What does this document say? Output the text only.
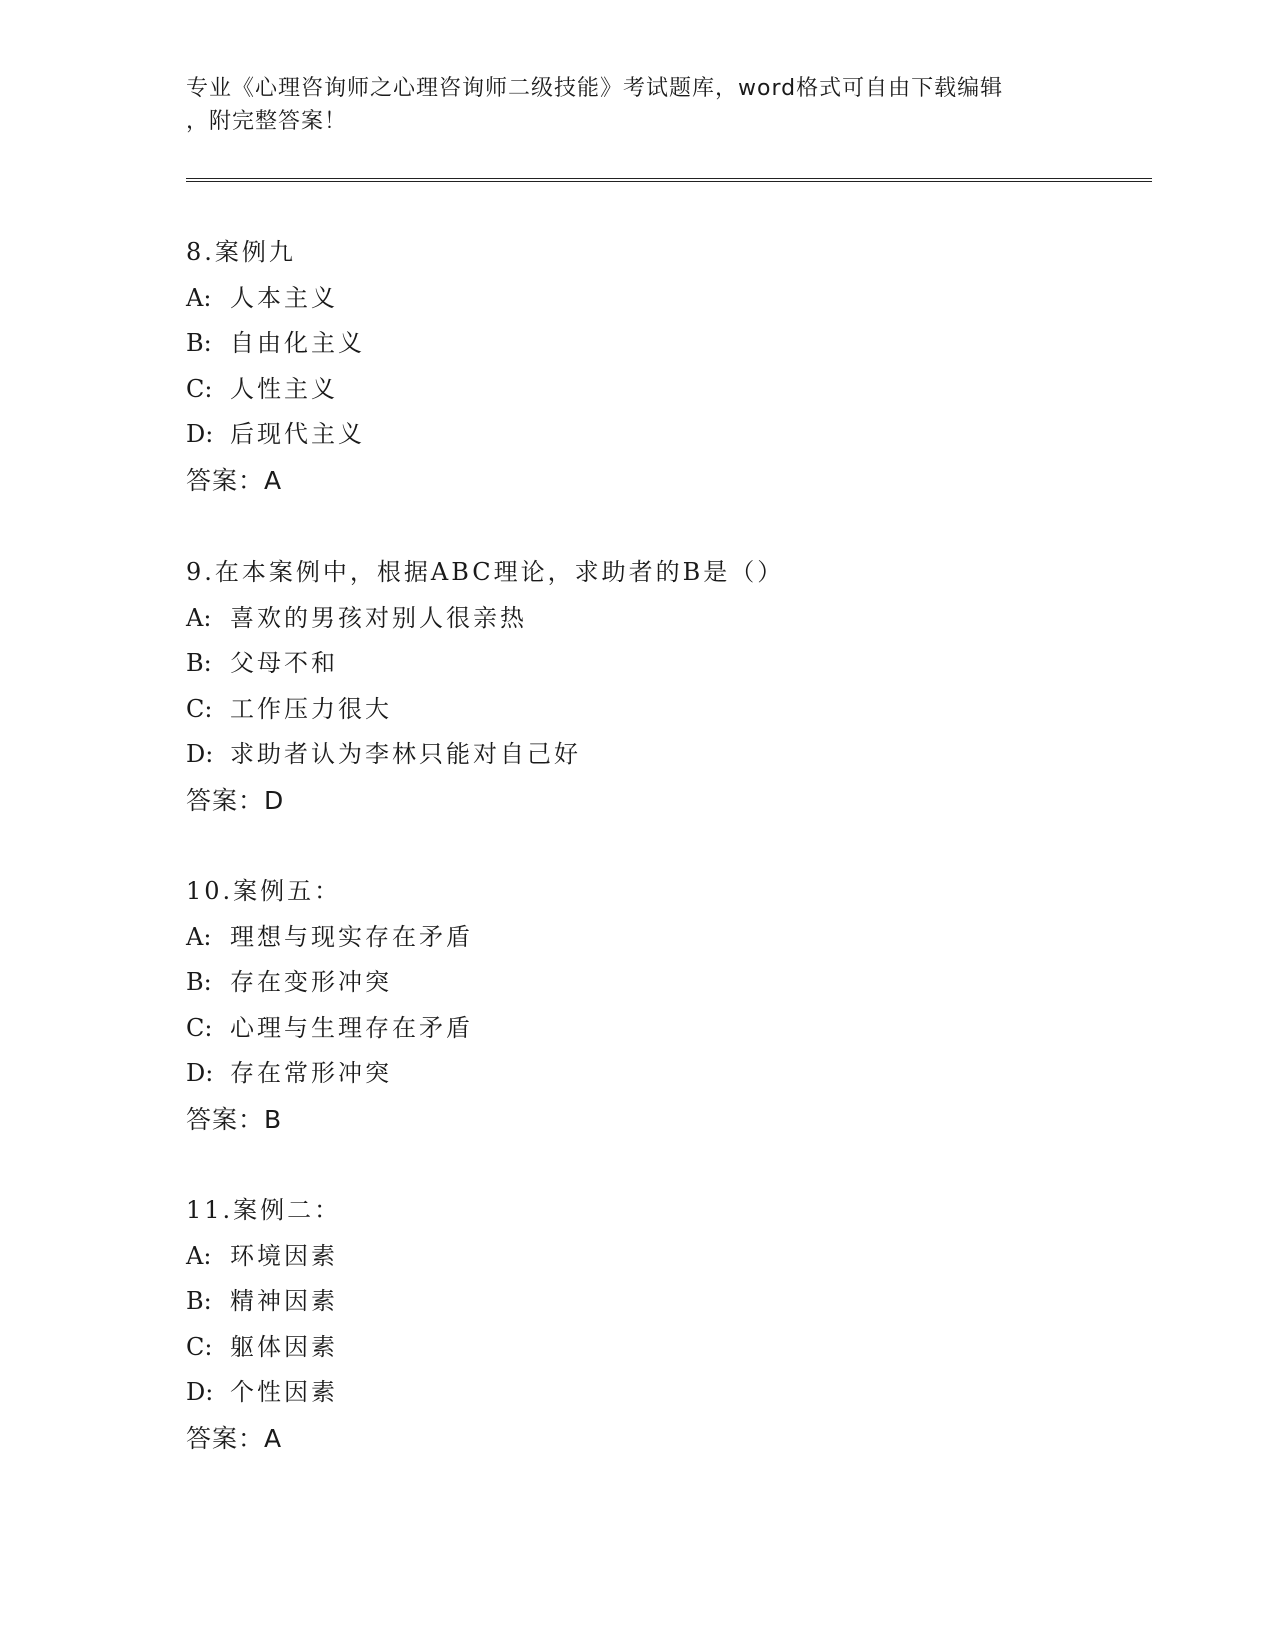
专业《心理咨询师之心理咨询师二级技能》考试题库，word格式可自由下载编辑
，附完整答案！
8.案例九
A: 人本主义
B: 自由化主义
C: 人性主义
D: 后现代主义
答案：A
9.在本案例中，根据ABC理论，求助者的B是（）
A: 喜欢的男孩对别人很亲热
B: 父母不和
C: 工作压力很大
D: 求助者认为李林只能对自己好
答案：D
10.案例五：
A: 理想与现实存在矛盾
B: 存在变形冲突
C: 心理与生理存在矛盾
D: 存在常形冲突
答案：B
11.案例二：
A: 环境因素
B: 精神因素
C: 躯体因素
D: 个性因素
答案：A
